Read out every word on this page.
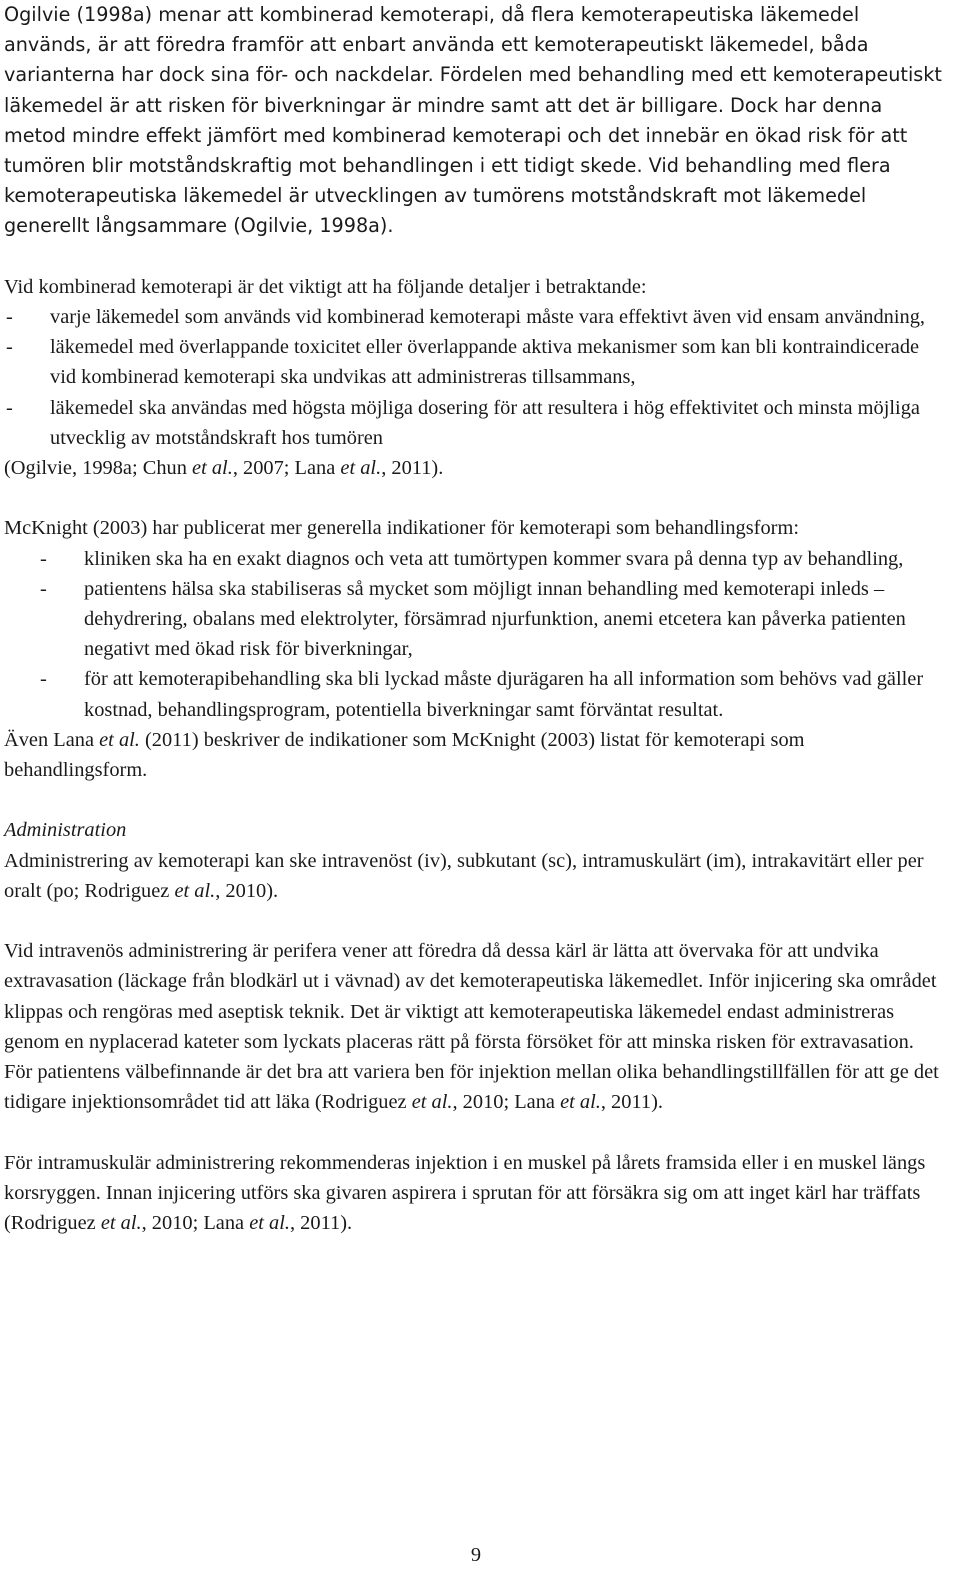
Ogilvie (1998a) menar att kombinerad kemoterapi, då flera kemoterapeutiska läkemedel används, är att föredra framför att enbart använda ett kemoterapeutiskt läkemedel, båda varianterna har dock sina för- och nackdelar. Fördelen med behandling med ett kemoterapeutiskt läkemedel är att risken för biverkningar är mindre samt att det är billigare. Dock har denna metod mindre effekt jämfört med kombinerad kemoterapi och det innebär en ökad risk för att tumören blir motståndskraftig mot behandlingen i ett tidigt skede. Vid behandling med flera kemoterapeutiska läkemedel är utvecklingen av tumörens motståndskraft mot läkemedel generellt långsammare (Ogilvie, 1998a).

Vid kombinerad kemoterapi är det viktigt att ha följande detaljer i betraktande:

- varje läkemedel som används vid kombinerad kemoterapi måste vara effektivt även vid ensam användning,
- läkemedel med överlappande toxicitet eller överlappande aktiva mekanismer som kan bli kontraindicerade vid kombinerad kemoterapi ska undvikas att administreras tillsammans,
- läkemedel ska användas med högsta möjliga dosering för att resultera i hög effektivitet och minsta möjliga utvecklig av motståndskraft hos tumören

(Ogilvie, 1998a; Chun et al., 2007; Lana et al., 2011).

McKnight (2003) har publicerat mer generella indikationer för kemoterapi som behandlingsform:

- kliniken ska ha en exakt diagnos och veta att tumörtypen kommer svara på denna typ av behandling,
- patientens hälsa ska stabiliseras så mycket som möjligt innan behandling med kemoterapi inleds – dehydrering, obalans med elektrolyter, försämrad njurfunktion, anemi etcetera kan påverka patienten negativt med ökad risk för biverkningar,
- för att kemoterapibehandling ska bli lyckad måste djurägaren ha all information som behövs vad gäller kostnad, behandlingsprogram, potentiella biverkningar samt förväntat resultat.

Även Lana et al. (2011) beskriver de indikationer som McKnight (2003) listat för kemoterapi som behandlingsform.

Administration

Administrering av kemoterapi kan ske intravenöst (iv), subkutant (sc), intramuskulärt (im), intrakavitärt eller per oralt (po; Rodriguez et al., 2010).

Vid intravenös administrering är perifera vener att föredra då dessa kärl är lätta att övervaka för att undvika extravasation (läckage från blodkärl ut i vävnad) av det kemoterapeutiska läkemedlet. Inför injicering ska området klippas och rengöras med aseptisk teknik. Det är viktigt att kemoterapeutiska läkemedel endast administreras genom en nyplacerad kateter som lyckats placeras rätt på första försöket för att minska risken för extravasation. För patientens välbefinnande är det bra att variera ben för injektion mellan olika behandlingstillfällen för att ge det tidigare injektionsområdet tid att läka (Rodriguez et al., 2010; Lana et al., 2011).

För intramuskulär administrering rekommenderas injektion i en muskel på lårets framsida eller i en muskel längs korsryggen. Innan injicering utförs ska givaren aspirera i sprutan för att försäkra sig om att inget kärl har träffats (Rodriguez et al., 2010; Lana et al., 2011).

9
